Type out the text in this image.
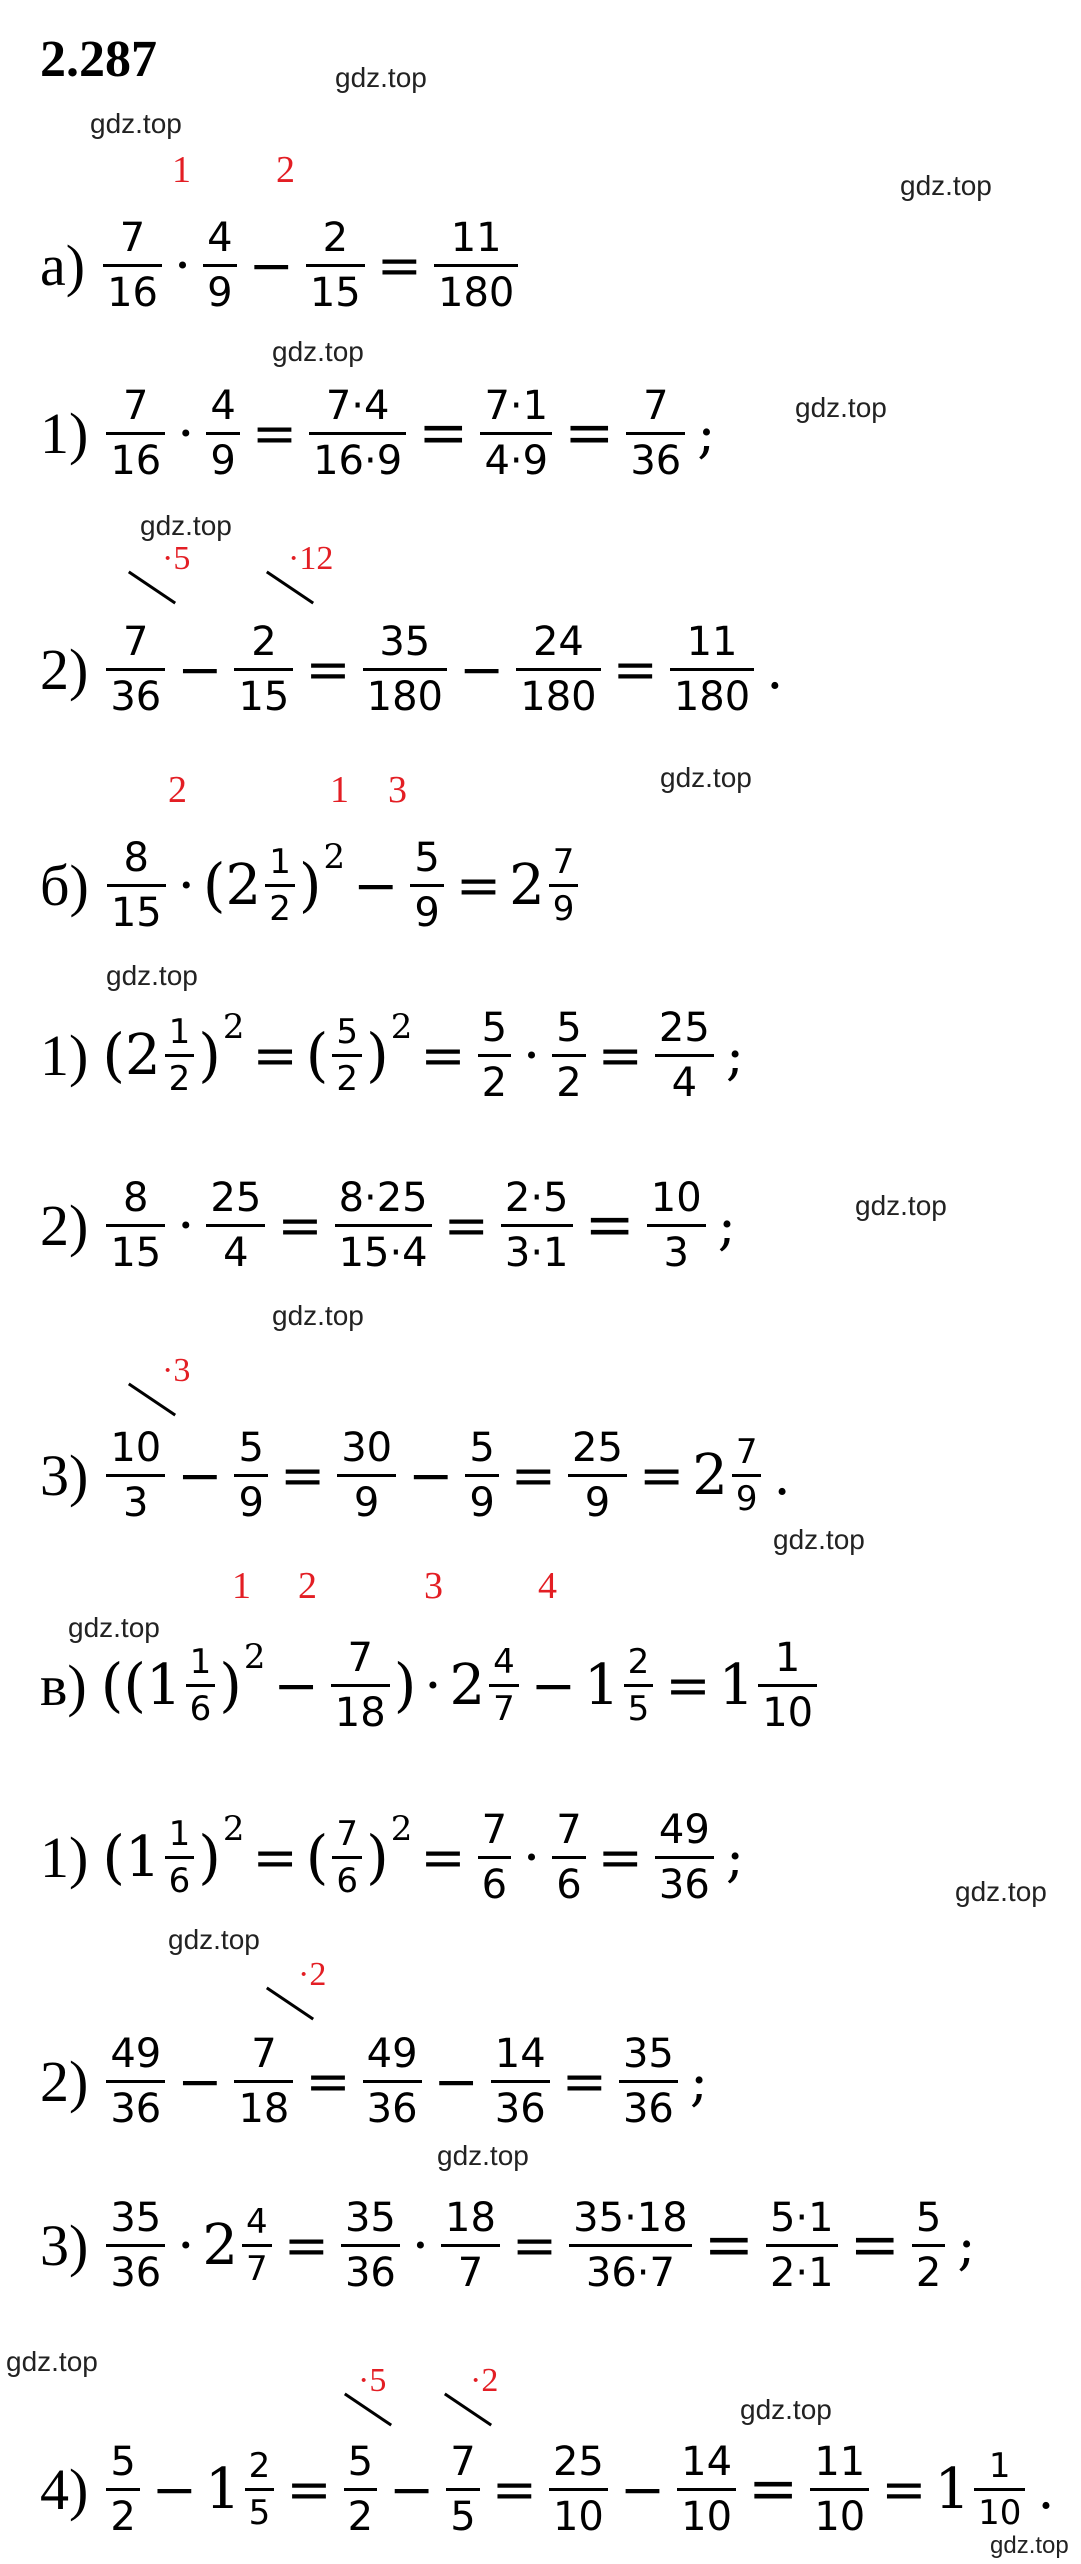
2.287	gdz.top
gdz.top
gdz.top
gdz.top
gdz.top
gdz.top
gdz.top
gdz.top
gdz.top
gdz.top
gdz.top
gdz.top
gdz.top
gdz.top
gdz.top
gdz.top
gdz.top
gdz.top
1 2
$а) \frac{7}{16} \cdot \frac{4}{9} - \frac{2}{15} = \frac{11}{180}$
$1) \frac{7}{16} \cdot \frac{4}{9} = \frac{7\cdot 4}{16\cdot 9} = \frac{7\cdot 1}{4\cdot 9} = \frac{7}{36}$ ;
·5	·12
$2) \frac{7}{36} - \frac{2}{15} = \frac{35}{180} - \frac{24}{180} = \frac{11}{180}$ .
2	1 3
$б) \frac{8}{15}$ · ( $2 \frac{1}{2}$ ) $2 - \frac{5}{9} = 2 \frac{7}{9}$
1) ( $2 \frac{1}{2}$ ) 2 = ( $\frac{5}{2}$ ) $2 = \frac{5}{2} \cdot \frac{5}{2} = \frac{25}{4}$ ;
$2) \frac{8}{15} \cdot \frac{25}{4} = \frac{8\cdot 25}{15\cdot 4} = \frac{2\cdot 5}{3\cdot 1} = \frac{10}{3}$ ;
·3
$3) \frac{10}{3} - \frac{5}{9} = \frac{30}{9} - \frac{5}{9} = \frac{25}{9} = 2 \frac{7}{9}$ .
1 2	3	4
в) (( $1 \frac{1}{6}$ ) $2 - \frac{7}{18}$ ) · $2 \frac{4}{7} - 1 \frac{2}{5} = 1 \frac{1}{10}$
1) ( $1 \frac{1}{6}$ ) 2 = ( $\frac{7}{6}$ ) $2 = \frac{7}{6} \cdot \frac{7}{6} = \frac{49}{36}$ ;
·2
$2) \frac{49}{36} - \frac{7}{18} = \frac{49}{36} - \frac{14}{36} = \frac{35}{36}$ ;
$3) \frac{35}{36} \cdot 2 \frac{4}{7} = \frac{35}{36} \cdot \frac{18}{7} = \frac{35\cdot 18}{36\cdot 7} = \frac{5\cdot 1}{2\cdot 1} = \frac{5}{2}$ ;
·5 ·2
$4) \frac{5}{2} - 1 \frac{2}{5} = \frac{5}{2} - \frac{7}{5} = \frac{25}{10} - \frac{14}{10} = \frac{11}{10} = 1 \frac{1}{10}$ .
